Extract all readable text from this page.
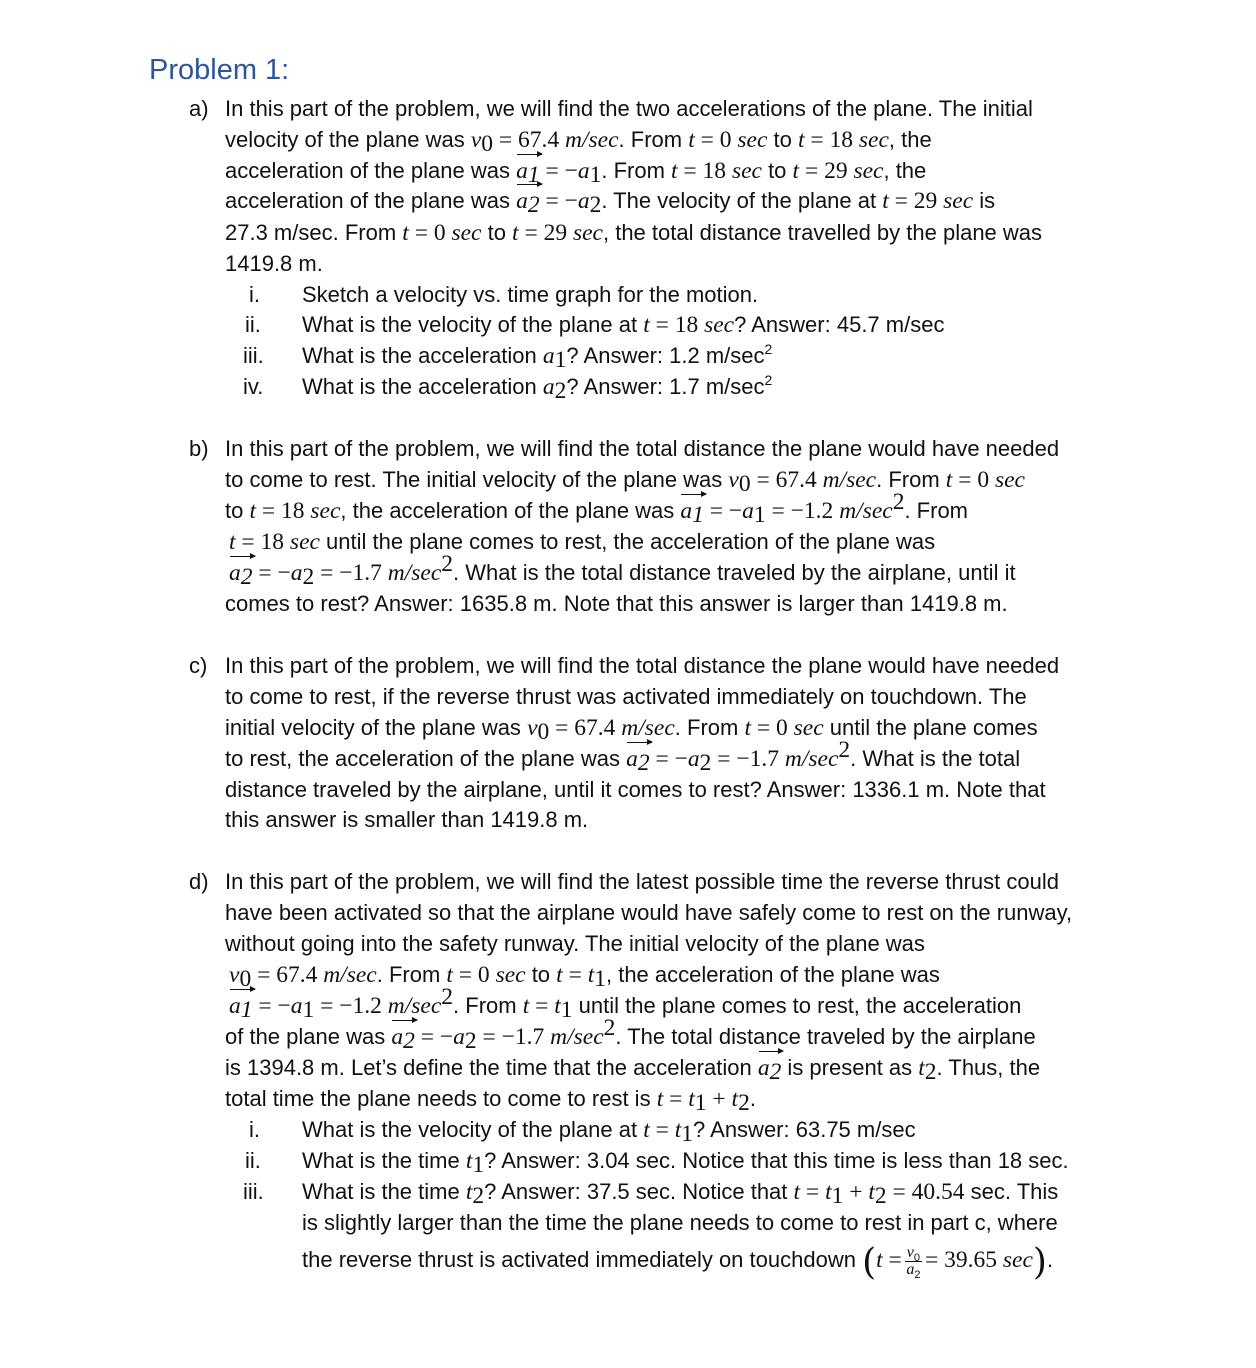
Problem 1:
a) In this part of the problem, we will find the two accelerations of the plane. The initial
velocity of the plane was $v_0 = 67.4$ m/sec. From t = 0 sec to t = 18 sec, the
acceleration of the plane was $a_1 = -a_1$. From t = 18 sec to t = 29 sec, the
acceleration of the plane was $a_2 = -a_2$. The velocity of the plane at t = 29 sec is
27.3 m/sec. From t = 0 sec to t = 29 sec, the total distance travelled by the plane was
1419.8 m.
i. Sketch a velocity vs. time graph for the motion.
ii. What is the velocity of the plane at t = 18 sec? Answer: 45.7 m/sec
iii. What is the acceleration $a_1$? Answer: 1.2 $m/\sec^2$
iv. What is the acceleration $a_2$? Answer: 1.7 $m/\sec^2$
b) In this part of the problem, we will find the total distance the plane would have needed
to come to rest. The initial velocity of the plane was $v_0 = 67.4$ m/sec. From t = 0 sec
to t = 18 sec, the acceleration of the plane was $a_1 = -a_1 = -1.2$ $m/\sec^2$. From
t = 18 sec until the plane comes to rest, the acceleration of the plane was
$a_2 = -a_2 = -1.7$ $m/\sec^2$. What is the total distance traveled by the airplane, until it
comes to rest? Answer: 1635.8 m. Note that this answer is larger than 1419.8 m.
c) In this part of the problem, we will find the total distance the plane would have needed
to come to rest, if the reverse thrust was activated immediately on touchdown. The
initial velocity of the plane was $v_0 = 67.4$ m/sec. From t = 0 sec until the plane comes
to rest, the acceleration of the plane was $a_2 = -a_2 = -1.7$ $m/\sec^2$. What is the total
distance traveled by the airplane, until it comes to rest? Answer: 1336.1 m. Note that
this answer is smaller than 1419.8 m.
d) In this part of the problem, we will find the latest possible time the reverse thrust could
have been activated so that the airplane would have safely come to rest on the runway,
without going into the safety runway. The initial velocity of the plane was
$v_0 = 67.4$ m/sec. From t = 0 sec to $t = t_1$, the acceleration of the plane was
$a_1 = -a_1 = -1.2$ $m/\sec^2$. From $t = t_1$ until the plane comes to rest, the acceleration
of the plane was $a_2 = -a_2 = -1.7$ $m/\sec^2$. The total distance traveled by the airplane
is 1394.8 m. Let’s define the time that the acceleration $a_2$ is present as $t_2$. Thus, the
total time the plane needs to come to rest is $t = t_1 + t_2$.
i. What is the velocity of the plane at $t = t_1$? Answer: 63.75 m/sec
ii. What is the time $t_1$? Answer: 3.04 sec. Notice that this time is less than 18 sec.
iii. What is the time $t_2$? Answer: 37.5 sec. Notice that $t = t_1 + t_2 = 40.54$ sec. This
is slightly larger than the time the plane needs to come to rest in part c, where
the reverse thrust is activated immediately on touchdown ($t = \frac{v_0}{a_2} = 39.65$ sec).
